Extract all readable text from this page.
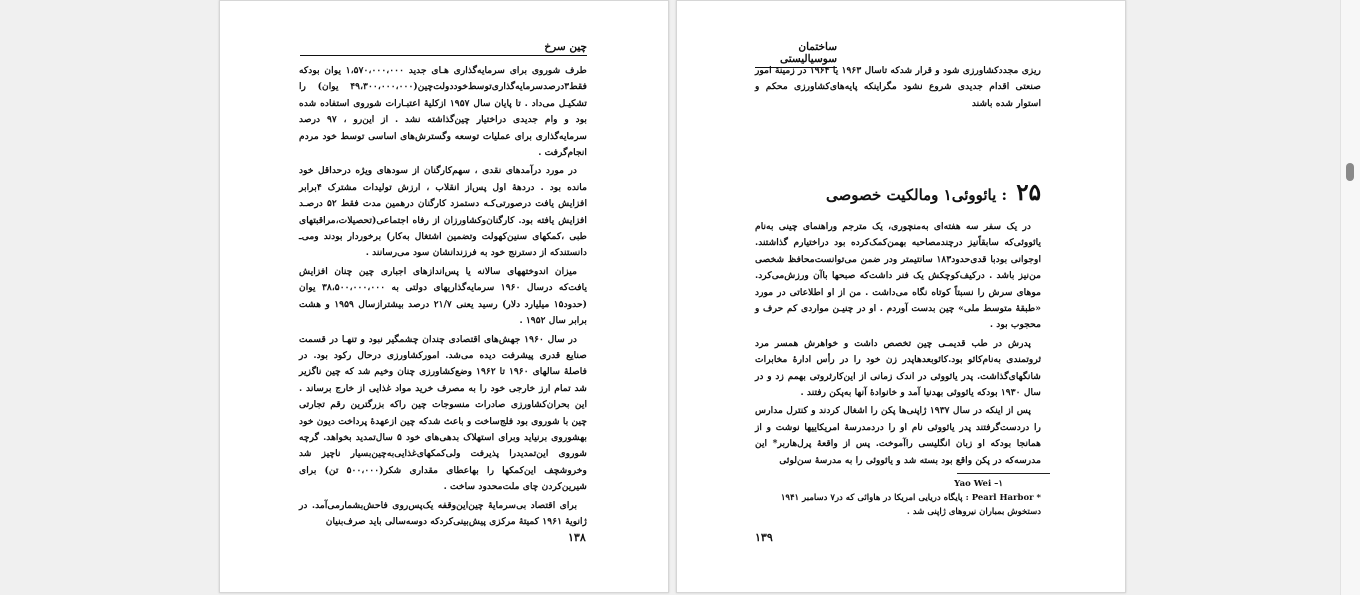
چین سرخ

طرف شوروی برای سرمایه‌گذاری هـای جدید ۱،۵۷۰،۰۰۰،۰۰۰ یوان بودکه فقط۳درصدسرمایه‌گذاری‌توسط‌خوددولت‌چین(۴۹،۳۰۰،۰۰۰،۰۰۰ یوان) را تشکیـل می‌داد . تا پایان سال ۱۹۵۷ ازکلیهٔ اعتبـارات شوروی استفاده شده بود و وام جدیدی دراختیار چین‌گذاشته نشد . از این‌رو ، ۹۷ درصد سرمایه‌گذاری برای عملیات توسعه وگسترش‌های اساسی توسط خود مردم انجام‌گرفت .

در مورد درآمدهای نقدی ، سهم‌کارگنان از سودهای ویژه درحداقل خود مانده بود . دردههٔ اول پس‌از انقلاب ، ارزش تولیدات مشترک ۴برابر افزایش یافت درصورتی‌کـه دستمزد کارگنان درهمین مدت فقط ۵۲ درصـد افزایش یافته بود. کارگنان‌وکشاورزان از رفاه اجتماعی(تحصیلات،مراقبتهای طبی ،کمکهای سنین‌کهولت وتضمین اشتغال به‌کار) برخوردار بودند ومی‌ـ دانستندکه از دسترنج خود به فرزندانشان سود می‌رسانند .

میزان اندوختههای سالانه یا پس‌اندازهای اجباری چین چنان افزایش یافت‌که درسال ۱۹۶۰ سرمایه‌گذاریهای دولتی به ۳۸،۵۰۰،۰۰۰،۰۰۰ یوان (حدود۱۵ میلیارد دلار) رسید یعنی ۲۱/۷ درصد بیشترازسال ۱۹۵۹ و هشت برابر سال ۱۹۵۲ .

در سال ۱۹۶۰ جهش‌های اقتصادی چندان چشمگیر نبود و تنهـا در قسمت صنایع قدری پیشرفت دیده می‌شد. امورکشاورزی درحال رکود بود. در فاصلهٔ سالهای ۱۹۶۰ تا ۱۹۶۲ وضع‌کشاورزی چنان وخیم شد که چین ناگزیر شد تمام ارز خارجی خود را به مصرف خرید مواد غذایی از خارج برساند . این بحران‌کشاورزی صادرات منسوجات چین راکه بزرگترین رقم تجارتی چین با شوروی بود فلج‌ساخت و باعث شدکه چین ازعهدهٔ پرداخت دیون خود بهشوروی برنیاید وبرای استهلاک بدهی‌های خود ۵ سال‌تمدید بخواهد. گرچه شوروی این‌تمدیدرا پذیرفت ولی‌کمکهای‌غذایی‌به‌چین‌بسیار ناچیز شد وخروشچف این‌کمکها را بهاعطای مقداری شکر(۵۰۰،۰۰۰ تن) برای شیرین‌کردن چای ملت‌محدود ساخت .

برای اقتصاد بی‌سرمایهٔ چین‌این‌وقفه یک‌پس‌روی فاحش‌بشمارمی‌آمد. در ژانویهٔ ۱۹۶۱ کمیتهٔ مرکزی پیش‌بینی‌کردکه دوسه‌سالی باید صرف‌بنیان‌

۱۳۸
ساختمان سوسیالیستی

ریزی مجددکشاورزی شود و قرار شدکه تاسال ۱۹۶۳ یا ۱۹۶۴ در زمینهٔ امور صنعتی اقدام جدیدی شروع نشود مگراینکه پایه‌های‌کشاورزی محکم و استوار شده باشند

۲۵ : یائووئی۱ ومالکیت خصوصی

در یک سفر سه هفته‌ای به‌منچوری، یک مترجم وراهنمای چینی به‌نام یائووئی‌که سابقاًنیز درچندمصاحبه بهمن‌کمک‌کرده بود دراختیارم گذاشتند. اوجوانی بودبا قدی‌حدود۱۸۳ سانتیمتر ودر ضمن می‌توانست‌محافظ شخصی من‌نیز باشد . درکیف‌کوچکش یک فنر داشت‌که صبحها باآن ورزش‌می‌کرد. موهای سرش را نسبتاً کوتاه نگاه می‌داشت . من از او اطلاعاتی در مورد «طبقهٔ متوسط ملی» چین بدست آوردم . او در چنیـن مواردی کم حرف و محجوب بود .

پدرش در طب قدیمـی چین تخصص داشت و خواهرش همسر مرد ثروتمندی به‌نام‌کائو بود.کائوبعدهاپدر زن خود را در رأس ادارهٔ مخابرات شانگهای‌گذاشت. پدر یائووئی در اندک زمانی از این‌کارثروتی بهمم زد و در سال ۱۹۳۰ بودکه یائووئی بهدنیا آمد و خانوادهٔ آنها به‌پکن رفتند .

پس از اینکه در سال ۱۹۳۷ ژاپنی‌ها پکن را اشغال کردند و کنترل مدارس را دردست‌گرفتند پدر یائووئی نام او را دردمدرسهٔ امریکاییها نوشت و از همانجا بودکه او زبان انگلیسی راآموخت. پس از واقعهٔ پرل‌هاربر* این مدرسه‌که در پکن واقع بود بسته شد و یائووئی را به مدرسهٔ سن‌لوئی

۱– Yao Wei
* Pearl Harbor : پایگاه دریایی امریکا در هاوائی که در۷ دسامبر ۱۹۴۱ دستخوش بمباران نیروهای ژاپنی شد .
۱۳۹
